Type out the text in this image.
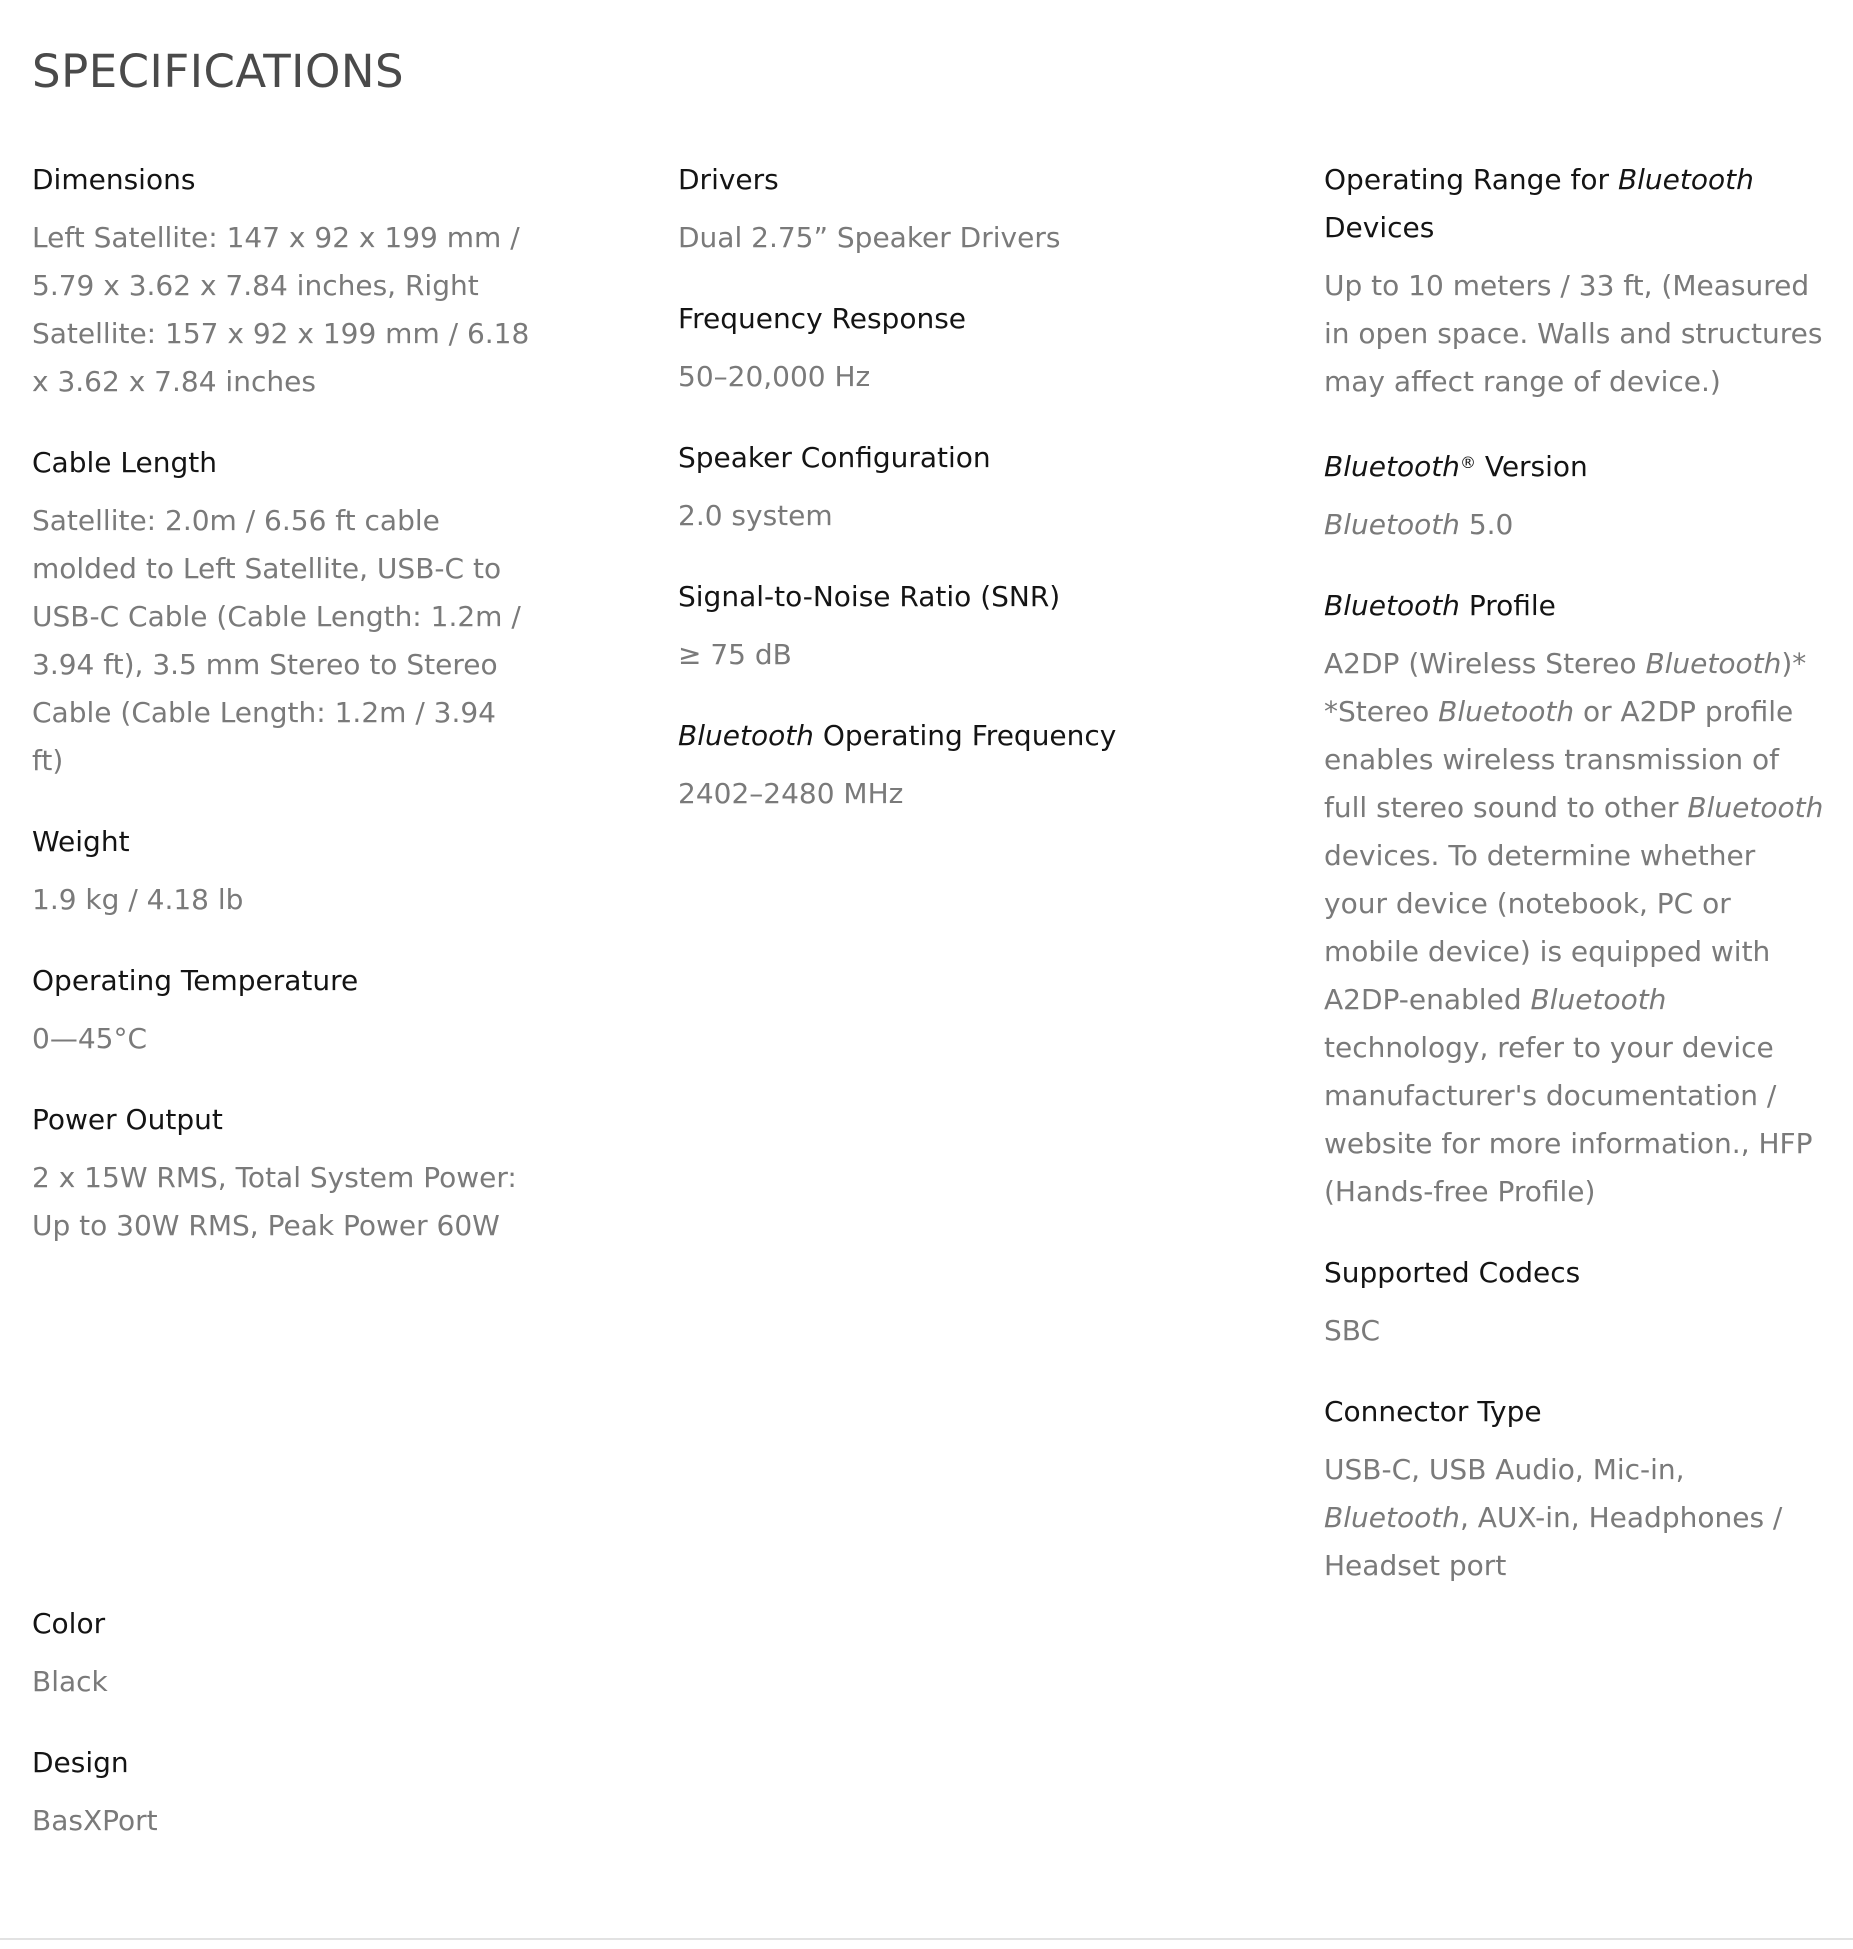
SPECIFICATIONS

Dimensions

Left Satellite: 147 x 92 x 199 mm / 5.79 x 3.62 x 7.84 inches, Right Satellite: 157 x 92 x 199 mm / 6.18 x 3.62 x 7.84 inches

Cable Length

Satellite: 2.0m / 6.56 ft cable molded to Left Satellite, USB-C to USB-C Cable (Cable Length: 1.2m / 3.94 ft), 3.5 mm Stereo to Stereo Cable (Cable Length: 1.2m / 3.94 ft)

Weight

1.9 kg / 4.18 lb

Operating Temperature

0—45°C

Power Output

2 x 15W RMS, Total System Power: Up to 30W RMS, Peak Power 60W

Drivers

Dual 2.75” Speaker Drivers

Frequency Response

50–20,000 Hz

Speaker Configuration

2.0 system

Signal-to-Noise Ratio (SNR)

≥ 75 dB

Bluetooth Operating Frequency

2402–2480 MHz

Operating Range for Bluetooth Devices

Up to 10 meters / 33 ft, (Measured in open space. Walls and structures may affect range of device.)

Bluetooth® Version

Bluetooth 5.0

Bluetooth Profile

A2DP (Wireless Stereo Bluetooth)* *Stereo Bluetooth or A2DP profile enables wireless transmission of full stereo sound to other Bluetooth devices. To determine whether your device (notebook, PC or mobile device) is equipped with A2DP-enabled Bluetooth technology, refer to your device manufacturer's documentation / website for more information., HFP (Hands-free Profile)

Supported Codecs

SBC

Connector Type

USB-C, USB Audio, Mic-in, Bluetooth, AUX-in, Headphones / Headset port

Color

Black

Design

BasXPort
